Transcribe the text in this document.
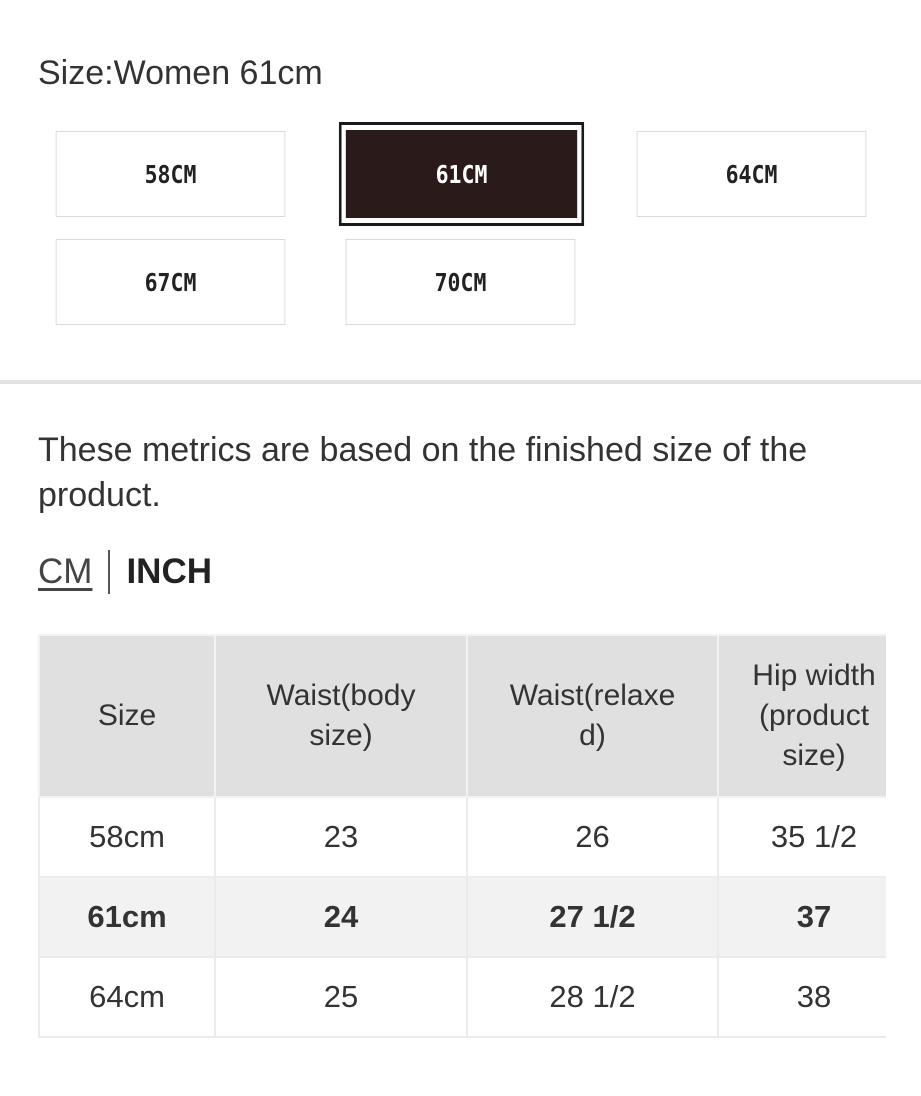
Size:Women 61cm
58CM	61CM	64CM
67CM	70CM
These metrics are based on the finished size of the product.
CM INCH
Size	Waist(body size)	Waist(relaxed)	Hip width (product size)

58cm	23	26	35 1/2

61cm	24	27 1/2	37

64cm	25	28 1/2	38
